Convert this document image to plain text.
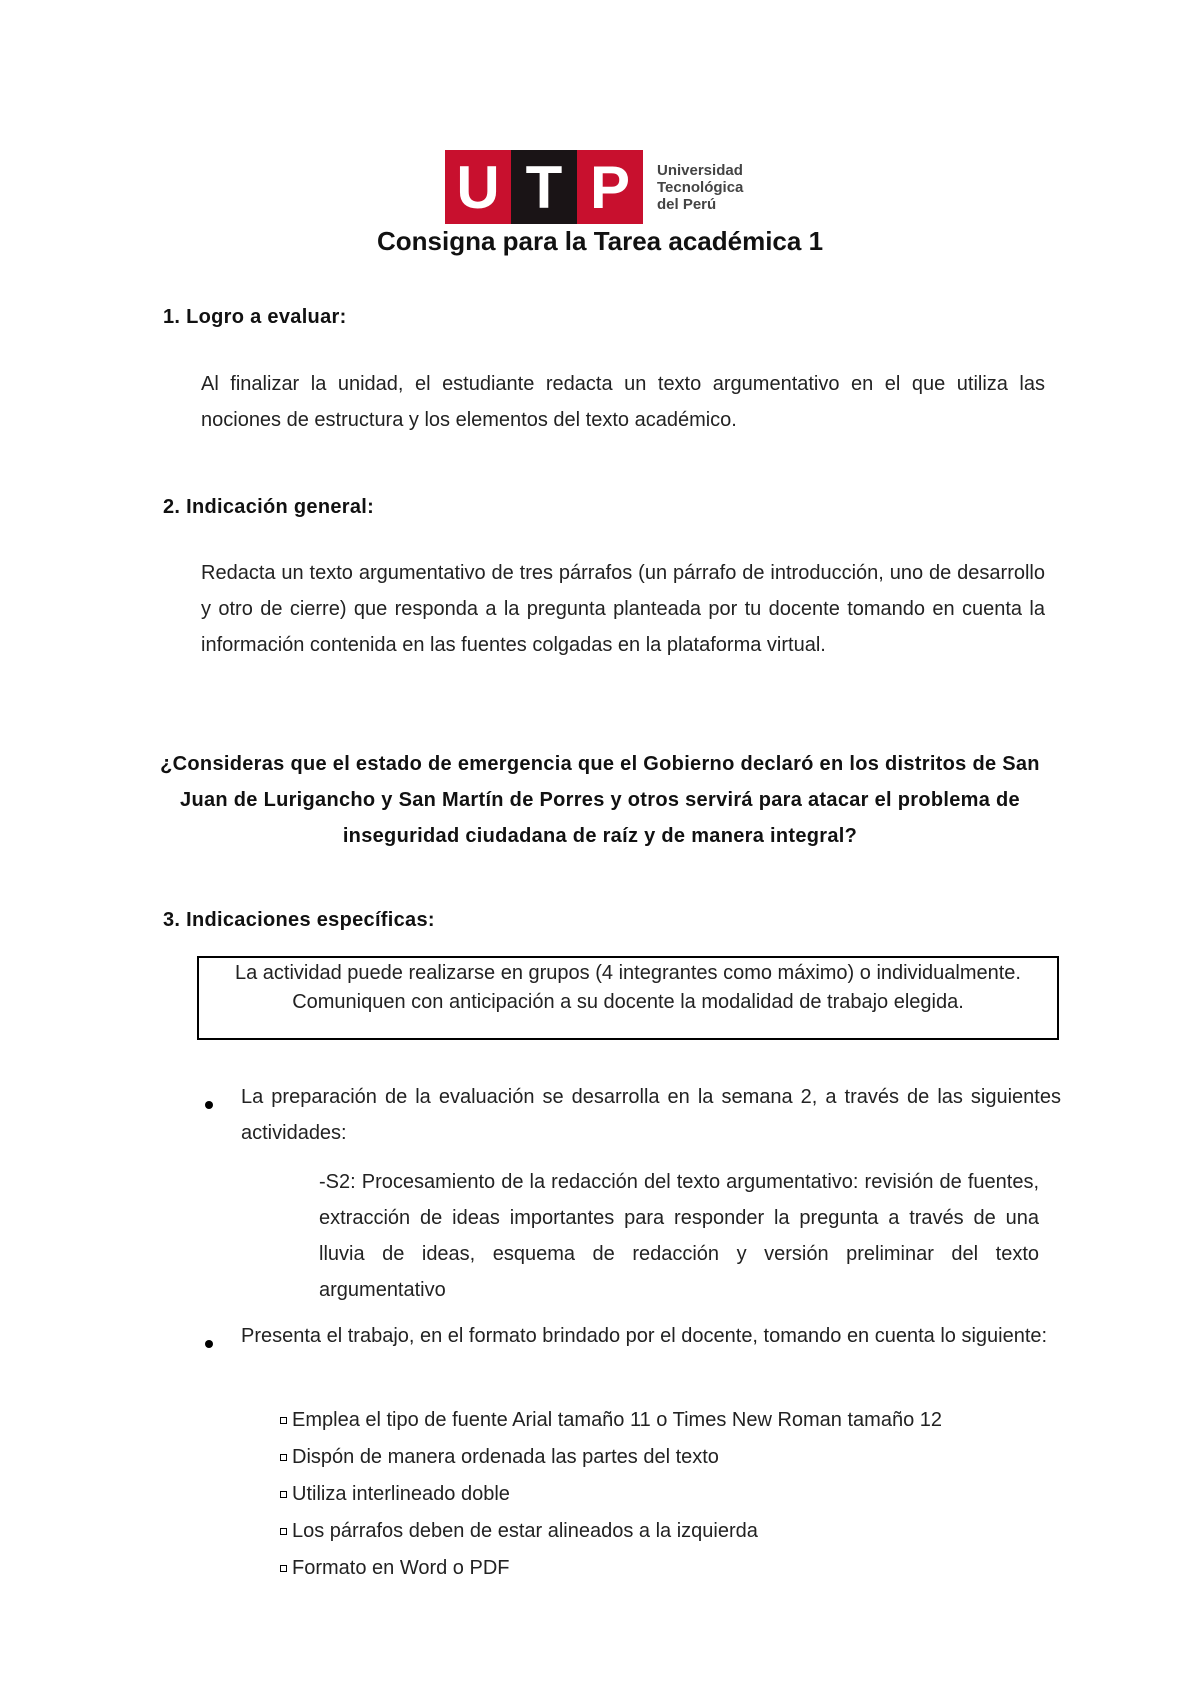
U T P	Universidad
Tecnológica
del Perú
Consigna para la Tarea académica 1
1. Logro a evaluar:
Al finalizar la unidad, el estudiante redacta un texto argumentativo en el que utiliza las nociones de estructura y los elementos del texto académico.
2. Indicación general:
Redacta un texto argumentativo de tres párrafos (un párrafo de introducción, uno de desarrollo y otro de cierre) que responda a la pregunta planteada por tu docente tomando en cuenta la información contenida en las fuentes colgadas en la plataforma virtual.
¿Consideras que el estado de emergencia que el Gobierno declaró en los distritos de San Juan de Lurigancho y San Martín de Porres y otros servirá para atacar el problema de inseguridad ciudadana de raíz y de manera integral?
3. Indicaciones específicas:
La actividad puede realizarse en grupos (4 integrantes como máximo) o individualmente. Comuniquen con anticipación a su docente la modalidad de trabajo elegida.
La preparación de la evaluación se desarrolla en la semana 2, a través de las siguientes actividades:
-S2: Procesamiento de la redacción del texto argumentativo: revisión de fuentes, extracción de ideas importantes para responder la pregunta a través de una lluvia de ideas, esquema de redacción y versión preliminar del texto argumentativo
Presenta el trabajo, en el formato brindado por el docente, tomando en cuenta lo siguiente:
Emplea el tipo de fuente Arial tamaño 11 o Times New Roman tamaño 12
Dispón de manera ordenada las partes del texto
Utiliza interlineado doble
Los párrafos deben de estar alineados a la izquierda
Formato en Word o PDF
